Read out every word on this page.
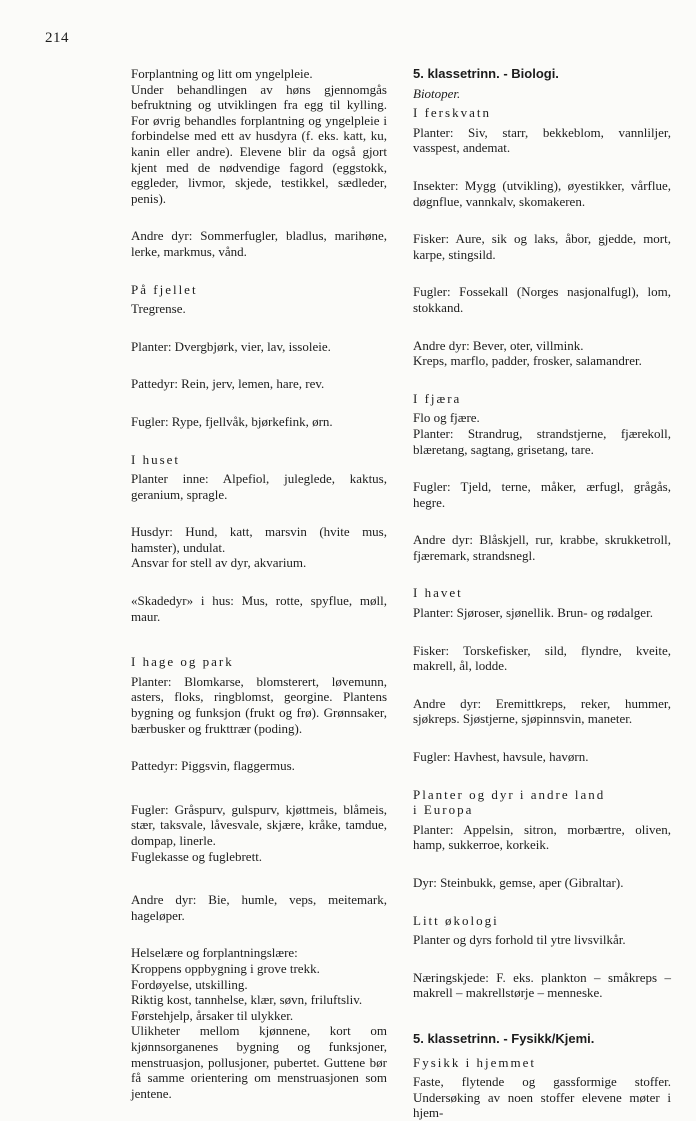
214

Forplantning og litt om yngelpleie.

Under behandlingen av høns gjennomgås befruktning og utviklingen fra egg til kylling. For øvrig behandles forplantning og yngelpleie i forbindelse med ett av husdyra (f. eks. katt, ku, kanin eller andre). Elevene blir da også gjort kjent med de nødvendige fagord (eggstokk, eggleder, livmor, skjede, testikkel, sædleder, penis).

Andre dyr: Sommerfugler, bladlus, marihøne, lerke, markmus, vånd.

På fjellet

Tregrense.

Planter: Dvergbjørk, vier, lav, issoleie.

Pattedyr: Rein, jerv, lemen, hare, rev.

Fugler: Rype, fjellvåk, bjørkefink, ørn.

I huset

Planter inne: Alpefiol, juleglede, kaktus, geranium, spragle.

Husdyr: Hund, katt, marsvin (hvite mus, hamster), undulat.

Ansvar for stell av dyr, akvarium.

«Skadedyr» i hus: Mus, rotte, spyflue, møll, maur.

I hage og park

Planter: Blomkarse, blomsterert, løvemunn, asters, floks, ringblomst, georgine. Plantens bygning og funksjon (frukt og frø). Grønnsaker, bærbusker og frukttrær (poding).

Pattedyr: Piggsvin, flaggermus.

Fugler: Gråspurv, gulspurv, kjøttmeis, blåmeis, stær, taksvale, låvesvale, skjære, kråke, tamdue, dompap, linerle.

Fuglekasse og fuglebrett.

Andre dyr: Bie, humle, veps, meitemark, hageløper.

Helselære og forplantningslære:

Kroppens oppbygning i grove trekk.

Fordøyelse, utskilling.

Riktig kost, tannhelse, klær, søvn, friluftsliv.

Førstehjelp, årsaker til ulykker.

Ulikheter mellom kjønnene, kort om kjønnsorganenes bygning og funksjoner, menstruasjon, pollusjoner, pubertet. Guttene bør få samme orientering om menstruasjonen som jentene.

5. klassetrinn. - Biologi.

Biotoper.

I ferskvatn

Planter: Siv, starr, bekkeblom, vannliljer, vasspest, andemat.

Insekter: Mygg (utvikling), øyestikker, vårflue, døgnflue, vannkalv, skomakeren.

Fisker: Aure, sik og laks, åbor, gjedde, mort, karpe, stingsild.

Fugler: Fossekall (Norges nasjonalfugl), lom, stokkand.

Andre dyr: Bever, oter, villmink.

Kreps, marflo, padder, frosker, salamandrer.

I fjæra

Flo og fjære.

Planter: Strandrug, strandstjerne, fjærekoll, blæretang, sagtang, grisetang, tare.

Fugler: Tjeld, terne, måker, ærfugl, grågås, hegre.

Andre dyr: Blåskjell, rur, krabbe, skrukketroll, fjæremark, strandsnegl.

I havet

Planter: Sjøroser, sjønellik. Brun- og rødalger.

Fisker: Torskefisker, sild, flyndre, kveite, makrell, ål, lodde.

Andre dyr: Eremittkreps, reker, hummer, sjøkreps. Sjøstjerne, sjøpinnsvin, maneter.

Fugler: Havhest, havsule, havørn.

Planter og dyr i andre land

i Europa

Planter: Appelsin, sitron, morbærtre, oliven, hamp, sukkerroe, korkeik.

Dyr: Steinbukk, gemse, aper (Gibraltar).

Litt økologi

Planter og dyrs forhold til ytre livsvilkår.

Næringskjede: F. eks. plankton – småkreps – makrell – makrellstørje – menneske.

5. klassetrinn. - Fysikk/Kjemi.

Fysikk i hjemmet

Faste, flytende og gassformige stoffer. Undersøking av noen stoffer elevene møter i hjem-
